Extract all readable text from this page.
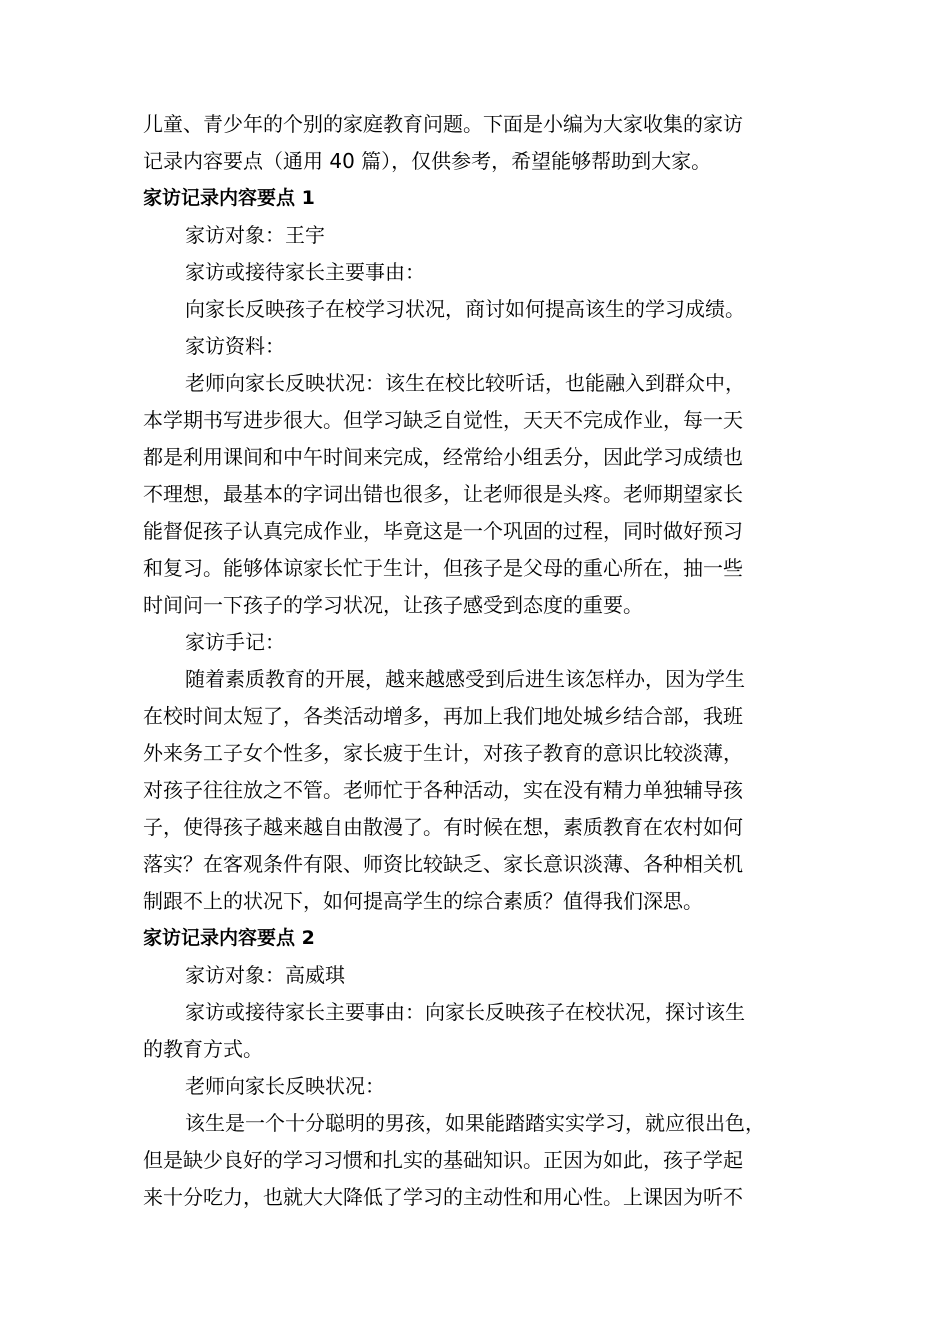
儿童、青少年的个别的家庭教育问题。下面是小编为大家收集的家访
记录内容要点（通用 40 篇），仅供参考，希望能够帮助到大家。
家访记录内容要点 1
家访对象：王宇
家访或接待家长主要事由：
向家长反映孩子在校学习状况，商讨如何提高该生的学习成绩。
家访资料：
老师向家长反映状况：该生在校比较听话，也能融入到群众中，
本学期书写进步很大。但学习缺乏自觉性，天天不完成作业，每一天
都是利用课间和中午时间来完成，经常给小组丢分，因此学习成绩也
不理想，最基本的字词出错也很多，让老师很是头疼。老师期望家长
能督促孩子认真完成作业，毕竟这是一个巩固的过程，同时做好预习
和复习。能够体谅家长忙于生计，但孩子是父母的重心所在，抽一些
时间问一下孩子的学习状况，让孩子感受到态度的重要。
家访手记：
随着素质教育的开展，越来越感受到后进生该怎样办，因为学生
在校时间太短了，各类活动增多，再加上我们地处城乡结合部，我班
外来务工子女个性多，家长疲于生计，对孩子教育的意识比较淡薄，
对孩子往往放之不管。老师忙于各种活动，实在没有精力单独辅导孩
子，使得孩子越来越自由散漫了。有时候在想，素质教育在农村如何
落实？在客观条件有限、师资比较缺乏、家长意识淡薄、各种相关机
制跟不上的状况下，如何提高学生的综合素质？值得我们深思。
家访记录内容要点 2
家访对象：高威琪
家访或接待家长主要事由：向家长反映孩子在校状况，探讨该生
的教育方式。
老师向家长反映状况：
该生是一个十分聪明的男孩，如果能踏踏实实学习，就应很出色，
但是缺少良好的学习习惯和扎实的基础知识。正因为如此，孩子学起
来十分吃力，也就大大降低了学习的主动性和用心性。上课因为听不
